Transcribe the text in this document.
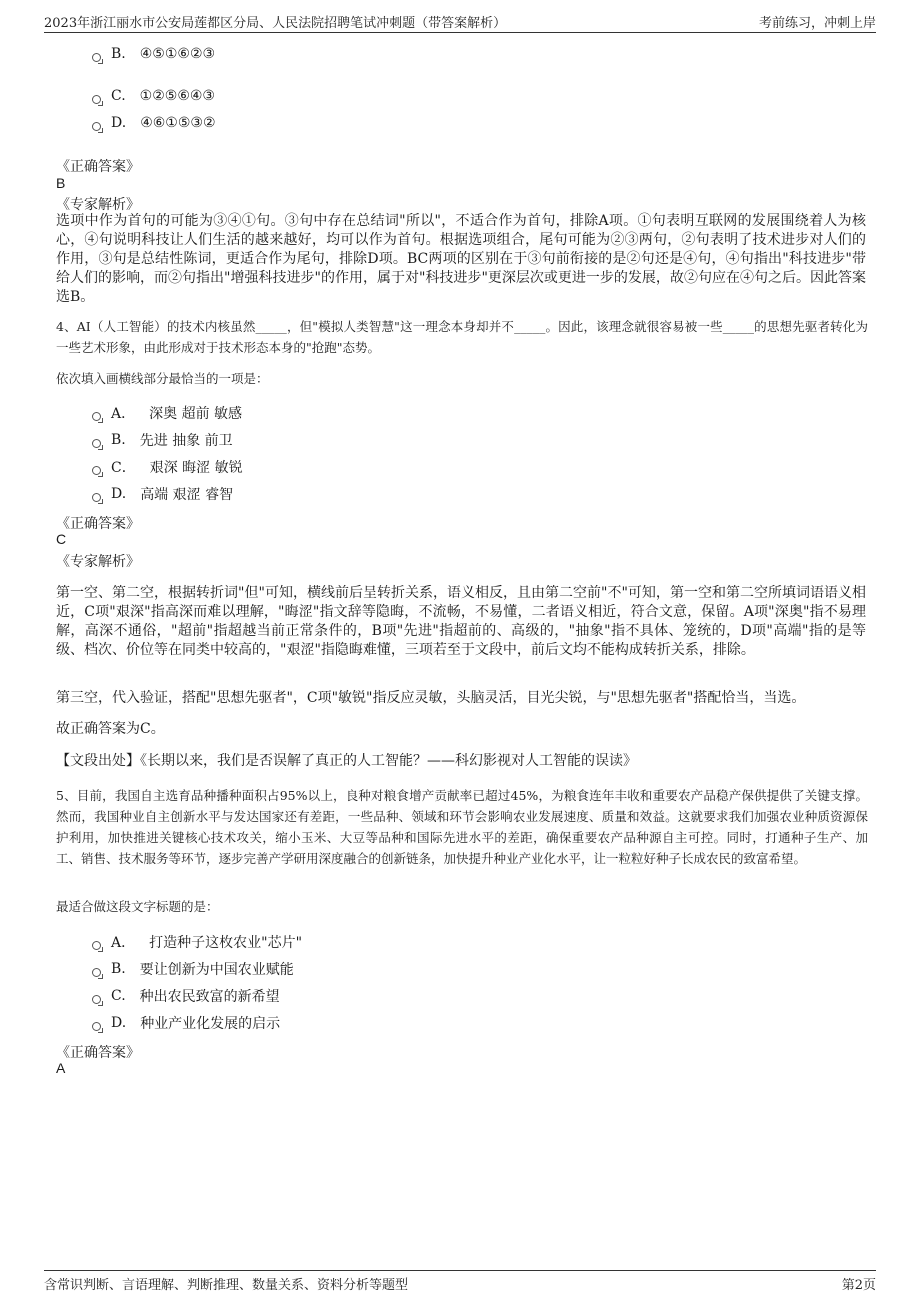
2023年浙江丽水市公安局莲都区分局、人民法院招聘笔试冲刺题（带答案解析）	考前练习，冲刺上岸
B. ④⑤①⑥②③
C. ①②⑤⑥④③
D. ④⑥①⑤③②
《正确答案》
B
《专家解析》
选项中作为首句的可能为③④①句。③句中存在总结词"所以"，不适合作为首句，排除A项。①句表明互联网的发展围绕着人为核心，④句说明科技让人们生活的越来越好，均可以作为首句。根据选项组合，尾句可能为②③两句，②句表明了技术进步对人们的作用，③句是总结性陈词，更适合作为尾句，排除D项。BC两项的区别在于③句前衔接的是②句还是④句，④句指出"科技进步"带给人们的影响，而②句指出"增强科技进步"的作用，属于对"科技进步"更深层次或更进一步的发展，故②句应在④句之后。因此答案选B。
4、AI（人工智能）的技术内核虽然_____，但"模拟人类智慧"这一理念本身却并不_____。因此，该理念就很容易被一些_____的思想先驱者转化为一些艺术形象，由此形成对于技术形态本身的"抢跑"态势。
依次填入画横线部分最恰当的一项是：
A． 深奥 超前 敏感
B. 先进 抽象 前卫
C． 艰深 晦涩 敏锐
D. 高端 艰涩 睿智
《正确答案》
C
《专家解析》
第一空、第二空，根据转折词"但"可知，横线前后呈转折关系，语义相反，且由第二空前"不"可知，第一空和第二空所填词语语义相近，C项"艰深"指高深而难以理解，"晦涩"指文辞等隐晦，不流畅，不易懂，二者语义相近，符合文意，保留。A项"深奥"指不易理解，高深不通俗，"超前"指超越当前正常条件的，B项"先进"指超前的、高级的，"抽象"指不具体、笼统的，D项"高端"指的是等级、档次、价位等在同类中较高的，"艰涩"指隐晦难懂，三项若至于文段中，前后文均不能构成转折关系，排除。
第三空，代入验证，搭配"思想先驱者"，C项"敏锐"指反应灵敏，头脑灵活，目光尖锐，与"思想先驱者"搭配恰当，当选。
故正确答案为C。
【文段出处】《长期以来，我们是否误解了真正的人工智能？——科幻影视对人工智能的误读》
5、目前，我国自主选育品种播种面积占95%以上，良种对粮食增产贡献率已超过45%，为粮食连年丰收和重要农产品稳产保供提供了关键支撑。然而，我国种业自主创新水平与发达国家还有差距，一些品种、领域和环节会影响农业发展速度、质量和效益。这就要求我们加强农业种质资源保护利用，加快推进关键核心技术攻关，缩小玉米、大豆等品种和国际先进水平的差距，确保重要农产品种源自主可控。同时，打通种子生产、加工、销售、技术服务等环节，逐步完善产学研用深度融合的创新链条，加快提升种业产业化水平，让一粒粒好种子长成农民的致富希望。
最适合做这段文字标题的是：
A． 打造种子这枚农业"芯片"
B. 要让创新为中国农业赋能
C. 种出农民致富的新希望
D. 种业产业化发展的启示
《正确答案》
A
含常识判断、言语理解、判断推理、数量关系、资料分析等题型	第2页
